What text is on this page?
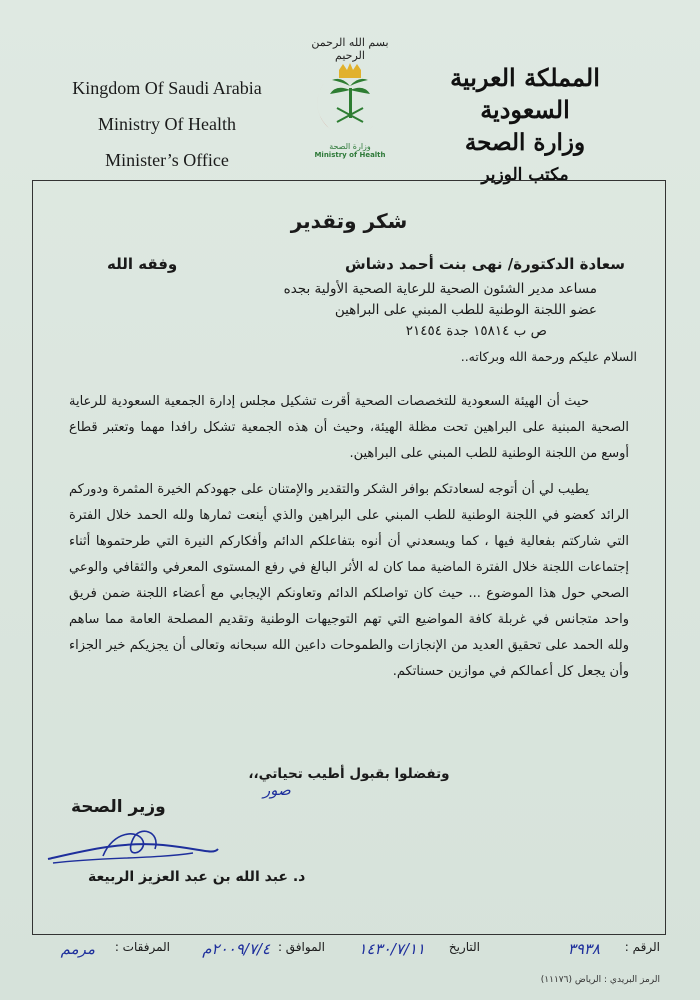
Kingdom Of Saudi Arabia
Ministry Of Health
Minister’s Office
بسم الله الرحمن الرحيم
وزارة الصحة
Ministry of Health
المملكة العربية السعودية
وزارة الصحة
مكتب الوزير
شكر وتقدير
سعادة الدكتورة/ نهى بنت أحمد دشاش
وفقه الله
مساعد مدير الشئون الصحية للرعاية الصحية الأولية بجده
عضو اللجنة الوطنية للطب المبني على البراهين
ص ب ١٥٨١٤ جدة ٢١٤٥٤
السلام عليكم ورحمة الله وبركاته..

حيث أن الهيئة السعودية للتخصصات الصحية أقرت تشكيل مجلس إدارة الجمعية السعودية للرعاية الصحية المبنية على البراهين تحت مظلة الهيئة، وحيث أن هذه الجمعية تشكل رافدا مهما وتعتبر قطاع أوسع من اللجنة الوطنية للطب المبني على البراهين.

يطيب لي أن أتوجه لسعادتكم بوافر الشكر والتقدير والإمتنان على جهودكم الخيرة المثمرة ودوركم الرائد كعضو في اللجنة الوطنية للطب المبني على البراهين والذي أينعت ثمارها ولله الحمد خلال الفترة التي شاركتم بفعالية فيها ، كما ويسعدني أن أنوه بتفاعلكم الدائم وأفكاركم النيرة التي طرحتموها أثناء إجتماعات اللجنة خلال الفترة الماضية مما كان له الأثر البالغ في رفع المستوى المعرفي والثقافي والوعي الصحي حول هذا الموضوع ... حيث كان تواصلكم الدائم وتعاونكم الإيجابي مع أعضاء اللجنة ضمن فريق واحد متجانس في غربلة كافة المواضيع التي تهم التوجيهات الوطنية وتقديم المصلحة العامة مما ساهم ولله الحمد على تحقيق العديد من الإنجازات والطموحات داعين الله سبحانه وتعالى أن يجزيكم خير الجزاء وأن يجعل كل أعمالكم في موازين حسناتكم.

وتفضلوا بقبول أطيب تحياتي،،
وزير الصحة
د. عبد الله بن عبد العزيز الربيعة
صور
الرقم :
٣٩٣٨
التاريخ
١٤٣٠/٧/١١
الموافق :
٢٠٠٩/٧/٤م
المرفقات :
مرمم
الرمز البريدي : الرياض (١١١٧٦)
